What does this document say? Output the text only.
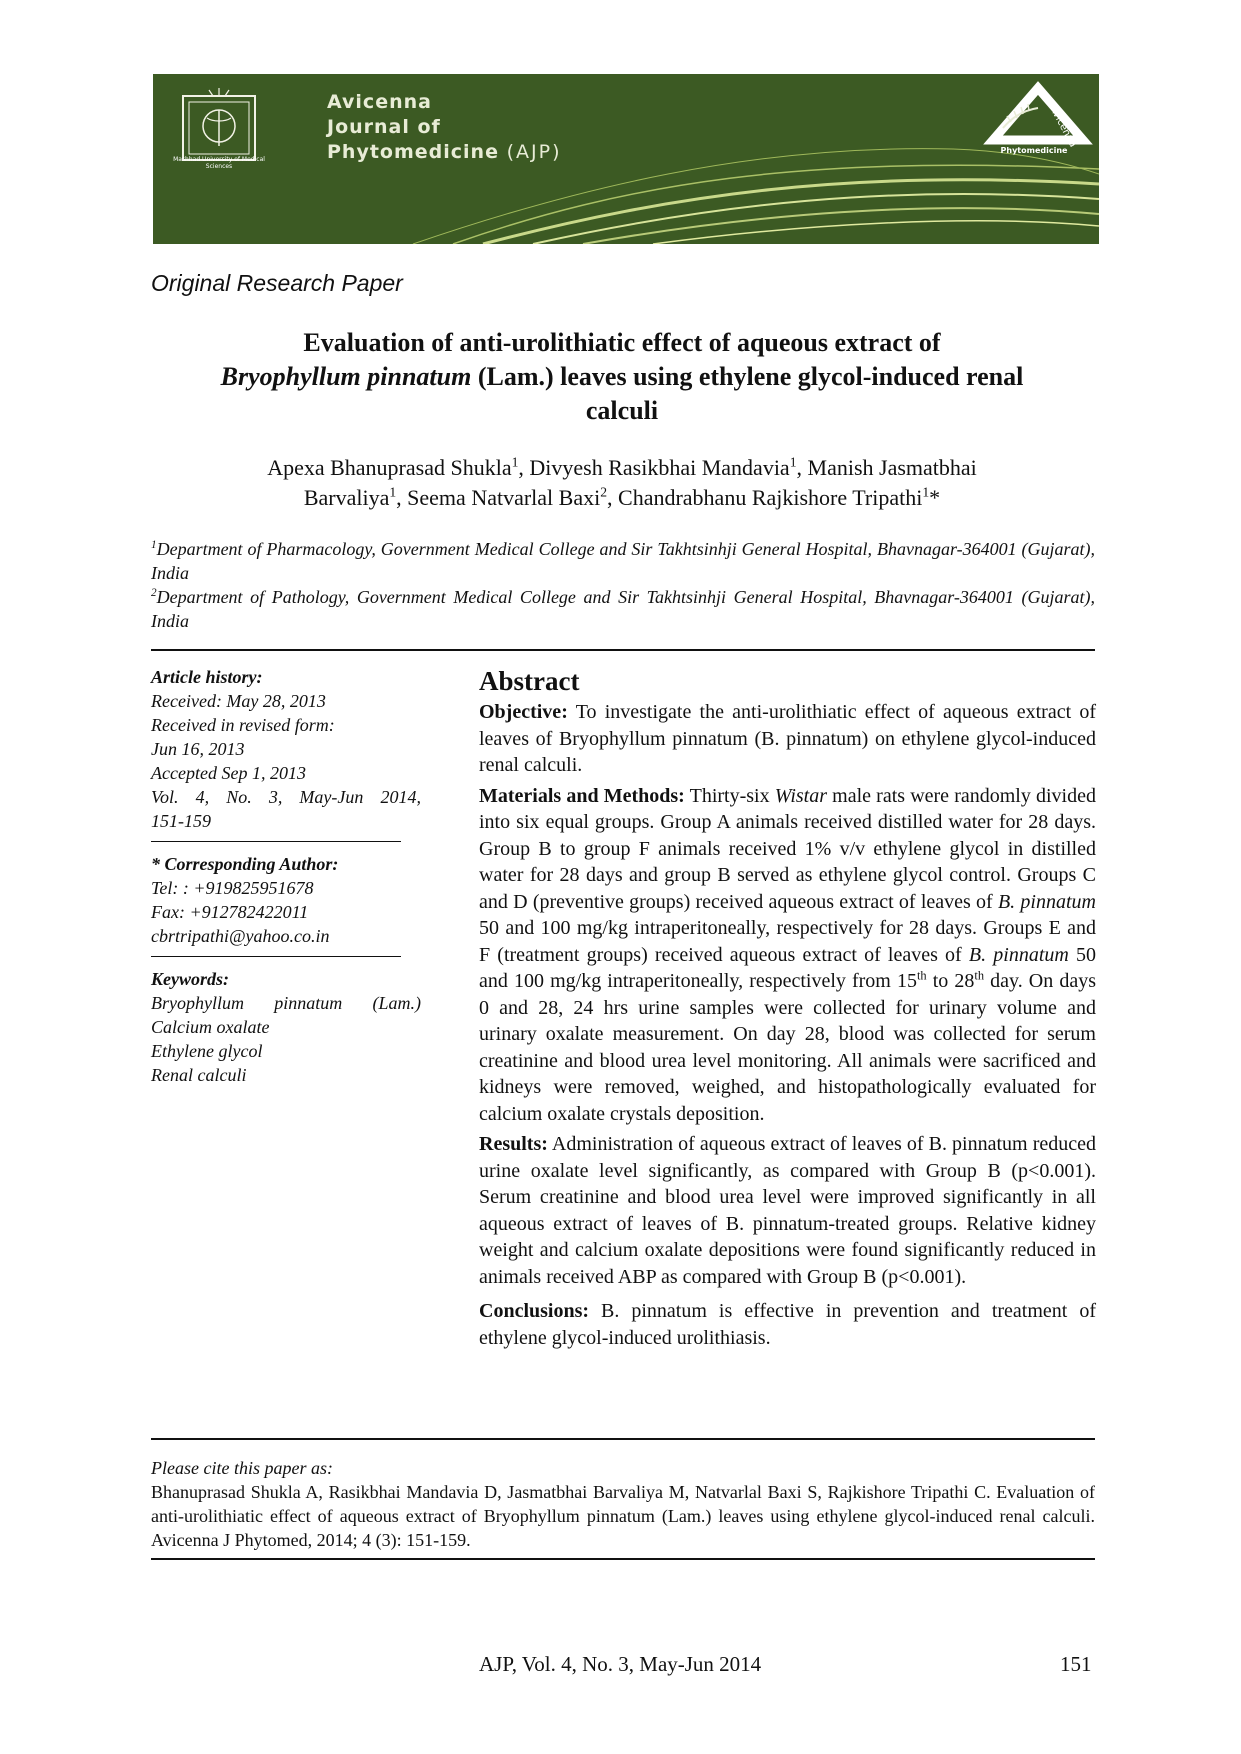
Mashhad University of Medical Sciences
Avicenna
Journal of
Phytomedicine (AJP)	Journal of
Phytomedicine
Avicenna
Original Research Paper
Evaluation of anti-urolithiatic effect of aqueous extract of
Bryophyllum pinnatum (Lam.) leaves using ethylene glycol-induced renal
calculi
Apexa Bhanuprasad Shukla$^1$, Divyesh Rasikbhai Mandavia$^1$, Manish Jasmatbhai
Barvaliya$^1$, Seema Natvarlal Baxi$^2$, Chandrabhanu Rajkishore Tripathi$^1$*

$^1$Department of Pharmacology, Government Medical College and Sir Takhtsinhji General Hospital, Bhavnagar-364001 (Gujarat), India

$^2$Department of Pathology, Government Medical College and Sir Takhtsinhji General Hospital, Bhavnagar-364001 (Gujarat), India

Article history:
Received: May 28, 2013
Received in revised form:
Jun 16, 2013
Accepted Sep 1, 2013
Vol. 4, No. 3, May-Jun 2014,
151-159
* Corresponding Author:
Tel: : +919825951678
Fax: +912782422011
cbrtripathi@yahoo.co.in
Keywords:
Bryophyllum pinnatum (Lam.)
Calcium oxalate
Ethylene glycol
Renal calculi
Abstract

Objective: To investigate the anti-urolithiatic effect of aqueous extract of leaves of Bryophyllum pinnatum (B. pinnatum) on ethylene glycol-induced renal calculi.

Materials and Methods: Thirty-six Wistar male rats were randomly divided into six equal groups. Group A animals received distilled water for 28 days. Group B to group F animals received 1% v/v ethylene glycol in distilled water for 28 days and group B served as ethylene glycol control. Groups C and D (preventive groups) received aqueous extract of leaves of B. pinnatum 50 and 100 mg/kg intraperitoneally, respectively for 28 days. Groups E and F (treatment groups) received aqueous extract of leaves of B. pinnatum 50 and 100 mg/kg intraperitoneally, respectively from 15th to 28th day. On days 0 and 28, 24 hrs urine samples were collected for urinary volume and urinary oxalate measurement. On day 28, blood was collected for serum creatinine and blood urea level monitoring. All animals were sacrificed and kidneys were removed, weighed, and histopathologically evaluated for calcium oxalate crystals deposition.

Results: Administration of aqueous extract of leaves of B. pinnatum reduced urine oxalate level significantly, as compared with Group B (p<0.001). Serum creatinine and blood urea level were improved significantly in all aqueous extract of leaves of B. pinnatum-treated groups. Relative kidney weight and calcium oxalate depositions were found significantly reduced in animals received ABP as compared with Group B (p<0.001).

Conclusions: B. pinnatum is effective in prevention and treatment of ethylene glycol-induced urolithiasis.

Please cite this paper as:
Bhanuprasad Shukla A, Rasikbhai Mandavia D, Jasmatbhai Barvaliya M, Natvarlal Baxi S, Rajkishore Tripathi C. Evaluation of anti-urolithiatic effect of aqueous extract of Bryophyllum pinnatum (Lam.) leaves using ethylene glycol-induced renal calculi. Avicenna J Phytomed, 2014; 4 (3): 151-159.
AJP, Vol. 4, No. 3, May-Jun 2014	151
